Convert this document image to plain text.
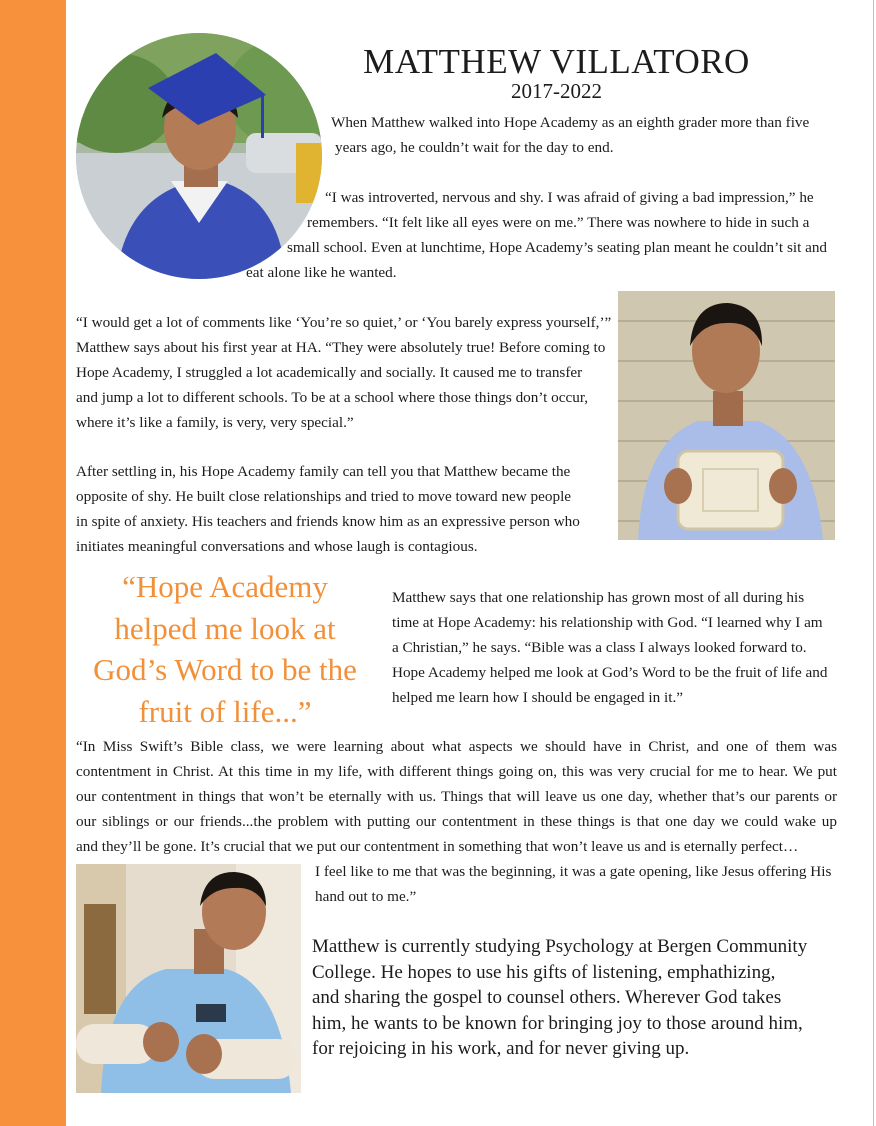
MATTHEW VILLATORO
2017-2022
When Matthew walked into Hope Academy as an eighth grader more than five
years ago, he couldn’t wait for the day to end.
“I was introverted, nervous and shy. I was afraid of giving a bad impression,” he
remembers. “It felt like all eyes were on me.” There was nowhere to hide in such a
small school. Even at lunchtime, Hope Academy’s seating plan meant he couldn’t sit and
eat alone like he wanted.
“I would get a lot of comments like ‘You’re so quiet,’ or ‘You barely express yourself,’”
Matthew says about his first year at HA. “They were absolutely true! Before coming to
Hope Academy, I struggled a lot academically and socially. It caused me to transfer
and jump a lot to different schools. To be at a school where those things don’t occur,
where it’s like a family, is very, very special.”
After settling in, his Hope Academy family can tell you that Matthew became the
opposite of shy. He built close relationships and tried to move toward new people
in spite of anxiety. His teachers and friends know him as an expressive person who
initiates meaningful conversations and whose laugh is contagious.
“Hope Academy
helped me look at
God’s Word to be the
fruit of life...”
Matthew says that one relationship has grown most of all during his
time at Hope Academy: his relationship with God. “I learned why I am
a Christian,” he says. “Bible was a class I always looked forward to.
Hope Academy helped me look at God’s Word to be the fruit of life and
helped me learn how I should be engaged in it.”
“In Miss Swift’s Bible class, we were learning about what aspects we should have in Christ, and one of them was
contentment in Christ. At this time in my life, with different things going on, this was very crucial for me to hear. We put
our contentment in things that won’t be eternally with us. Things that will leave us one day, whether that’s our parents or
our siblings or our friends...the problem with putting our contentment in these things is that one day we could wake up
and they’ll be gone. It’s crucial that we put our contentment in something that won’t leave us and is eternally perfect…
I feel like to me that was the beginning, it was a gate opening, like Jesus offering His
hand out to me.”
Matthew is currently studying Psychology at Bergen Community
College. He hopes to use his gifts of listening, emphathizing,
and sharing the gospel to counsel others. Wherever God takes
him, he wants to be known for bringing joy to those around him,
for rejoicing in his work, and for never giving up.
